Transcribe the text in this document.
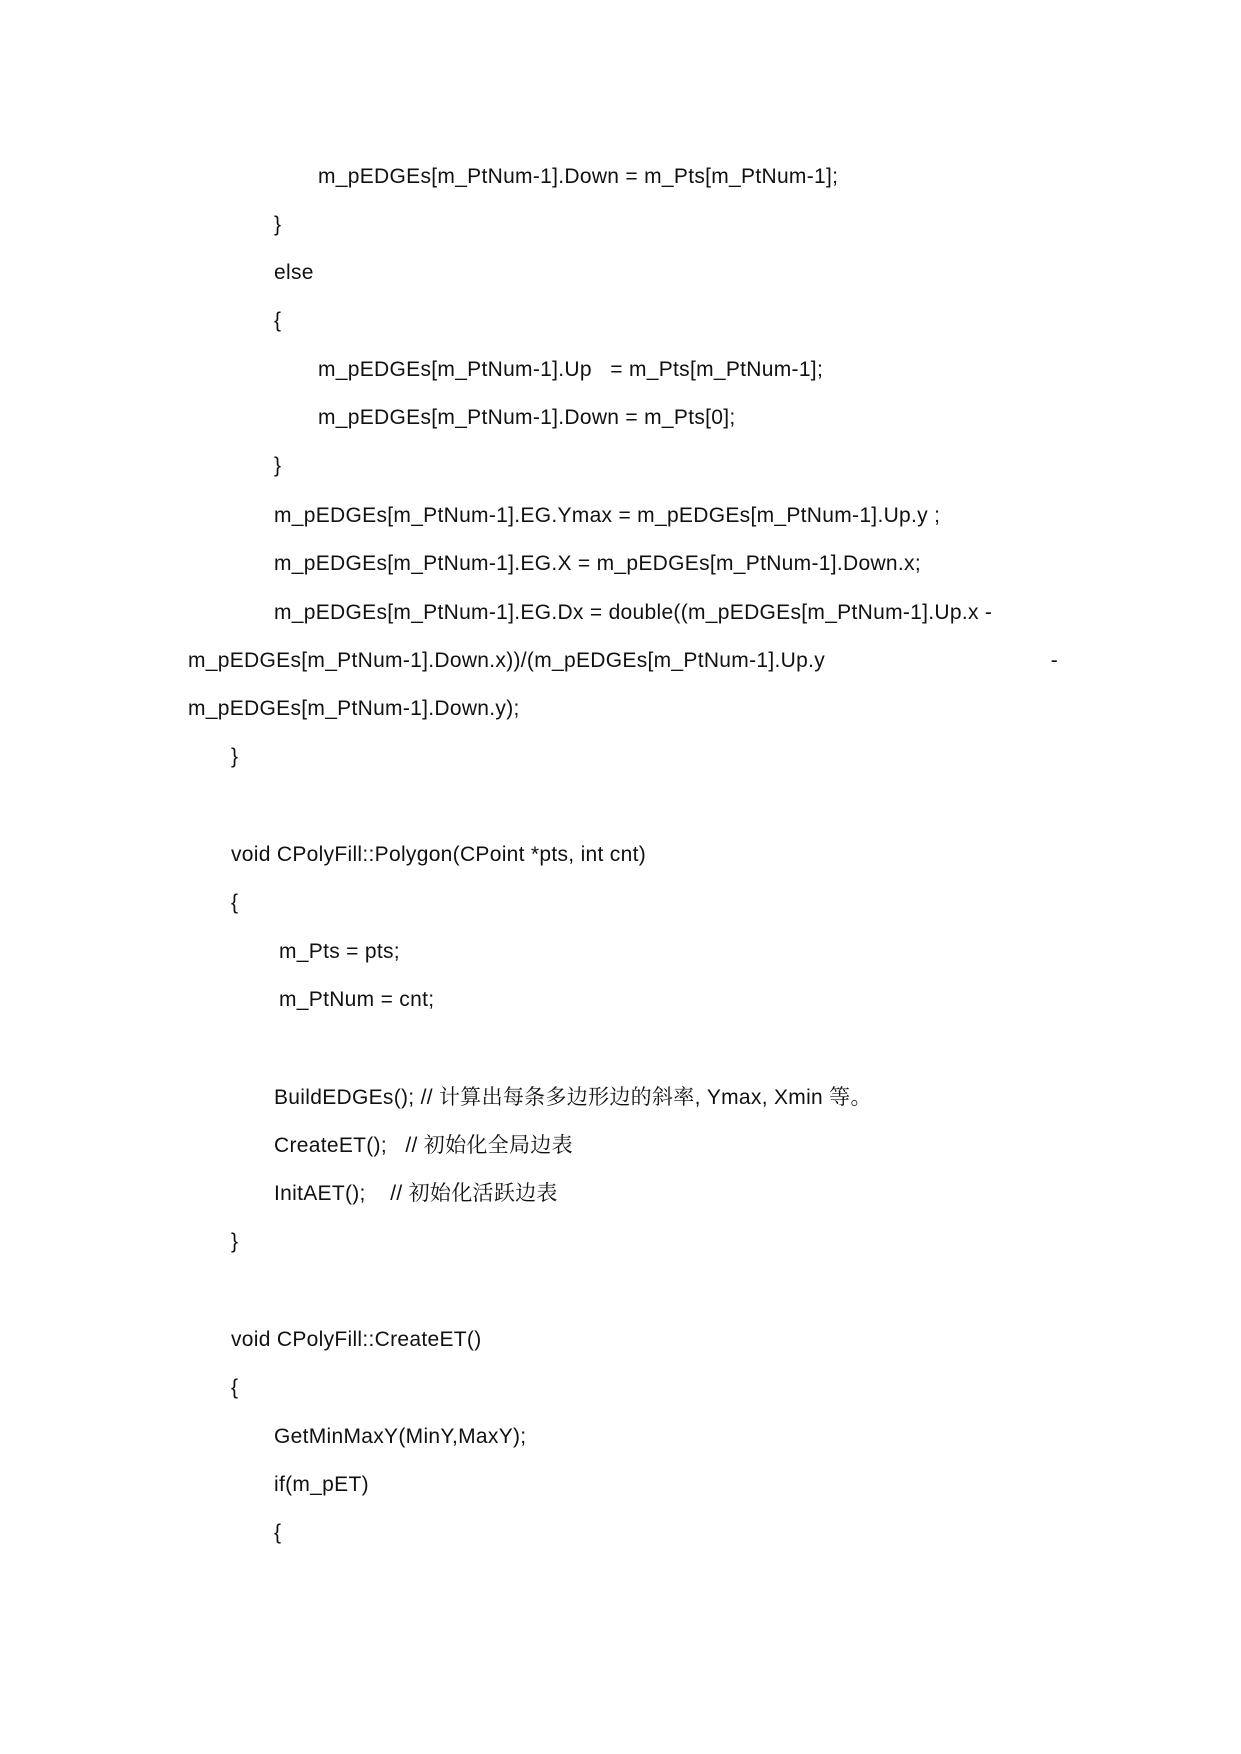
m_pEDGEs[m_PtNum-1].Down = m_Pts[m_PtNum-1];
}
else
{
m_pEDGEs[m_PtNum-1].Up   = m_Pts[m_PtNum-1];
m_pEDGEs[m_PtNum-1].Down = m_Pts[0];
}
m_pEDGEs[m_PtNum-1].EG.Ymax = m_pEDGEs[m_PtNum-1].Up.y ;
m_pEDGEs[m_PtNum-1].EG.X = m_pEDGEs[m_PtNum-1].Down.x;
m_pEDGEs[m_PtNum-1].EG.Dx = double((m_pEDGEs[m_PtNum-1].Up.x -
m_pEDGEs[m_PtNum-1].Down.x))/(m_pEDGEs[m_PtNum-1].Up.y	-
m_pEDGEs[m_PtNum-1].Down.y);
}
void CPolyFill::Polygon(CPoint *pts, int cnt)
{
m_Pts = pts;
m_PtNum = cnt;
BuildEDGEs(); // 计算出每条多边形边的斜率, Ymax, Xmin 等。
CreateET();   // 初始化全局边表
InitAET();    // 初始化活跃边表
}
void CPolyFill::CreateET()
{
GetMinMaxY(MinY,MaxY);
if(m_pET)
{
